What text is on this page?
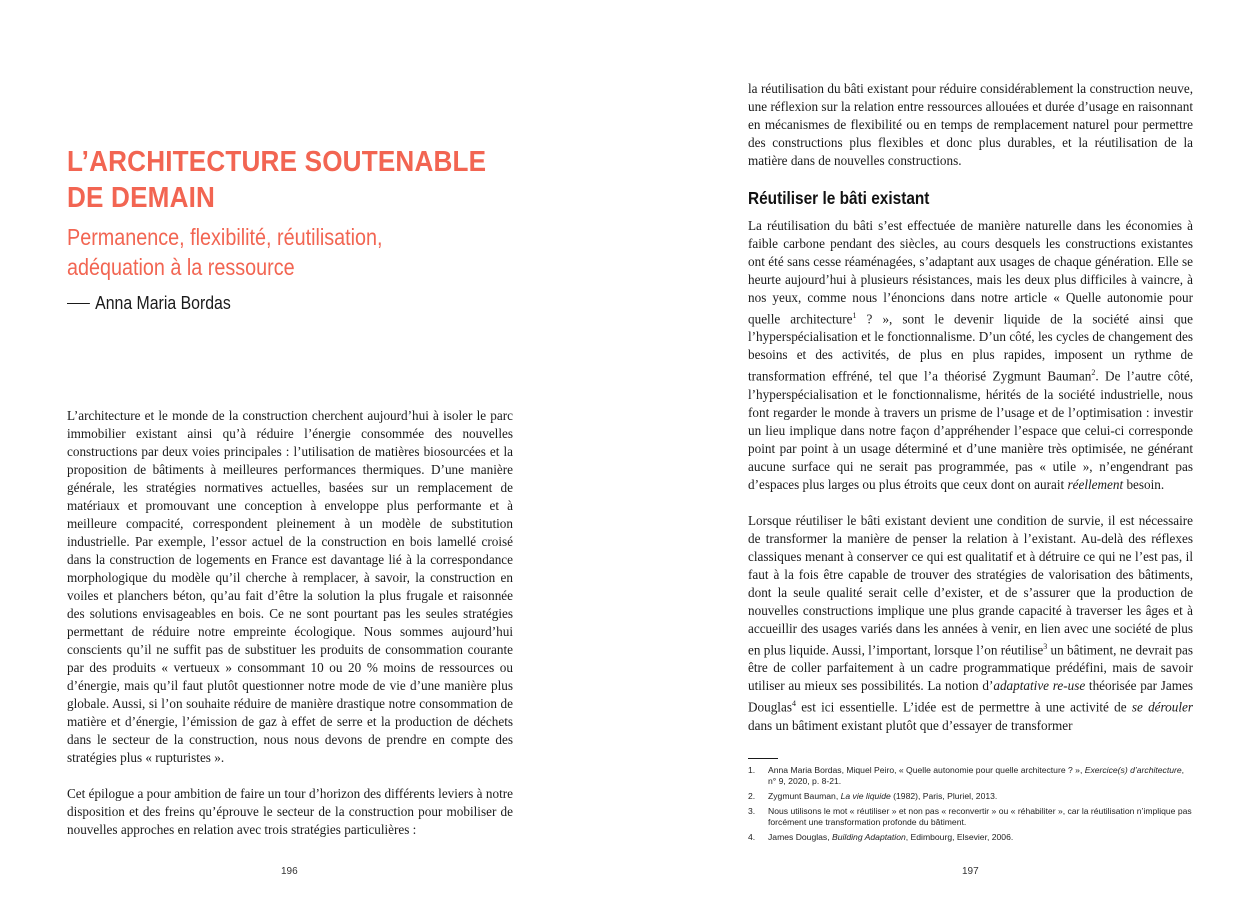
L’ARCHITECTURE SOUTENABLE
DE DEMAIN
Permanence, flexibilité, réutilisation,
adéquation à la ressource
Anna Maria Bordas

L’architecture et le monde de la construction cherchent aujourd’hui à isoler le parc immobilier existant ainsi qu’à réduire l’énergie consommée des nouvelles constructions par deux voies principales : l’utilisation de matières biosourcées et la proposition de bâtiments à meilleures performances thermiques. D’une manière générale, les stratégies normatives actuelles, basées sur un remplacement de matériaux et promouvant une conception à enveloppe plus performante et à meilleure compacité, correspondent pleinement à un modèle de substitution industrielle. Par exemple, l’essor actuel de la construction en bois lamellé croisé dans la construction de logements en France est davantage lié à la correspondance morphologique du modèle qu’il cherche à remplacer, à savoir, la construction en voiles et planchers béton, qu’au fait d’être la solution la plus frugale et raisonnée des solutions envisageables en bois. Ce ne sont pourtant pas les seules stratégies permettant de réduire notre empreinte écologique. Nous sommes aujourd’hui conscients qu’il ne suffit pas de substituer les produits de consommation courante par des produits « vertueux » consommant 10 ou 20 % moins de ressources ou d’énergie, mais qu’il faut plutôt questionner notre mode de vie d’une manière plus globale. Aussi, si l’on souhaite réduire de manière drastique notre consommation de matière et d’énergie, l’émission de gaz à effet de serre et la production de déchets dans le secteur de la construction, nous nous devons de prendre en compte des stratégies plus « rupturistes ».

Cet épilogue a pour ambition de faire un tour d’horizon des différents leviers à notre disposition et des freins qu’éprouve le secteur de la construction pour mobiliser de nouvelles approches en relation avec trois stratégies particulières :

196

la réutilisation du bâti existant pour réduire considérablement la construction neuve, une réflexion sur la relation entre ressources allouées et durée d’usage en raisonnant en mécanismes de flexibilité ou en temps de remplacement naturel pour permettre des constructions plus flexibles et donc plus durables, et la réutilisation de la matière dans de nouvelles constructions.

La réutilisation du bâti s’est effectuée de manière naturelle dans les économies à faible carbone pendant des siècles, au cours desquels les constructions existantes ont été sans cesse réaménagées, s’adaptant aux usages de chaque génération. Elle se heurte aujourd’hui à plusieurs résistances, mais les deux plus difficiles à vaincre, à nos yeux, comme nous l’énoncions dans notre article « Quelle autonomie pour quelle architecture$^1$ ? », sont le devenir liquide de la société ainsi que l’hyperspécialisation et le fonctionnalisme. D’un côté, les cycles de changement des besoins et des activités, de plus en plus rapides, imposent un rythme de transformation effréné, tel que l’a théorisé Zygmunt Bauman$^2$. De l’autre côté, l’hyperspécialisation et le fonctionnalisme, hérités de la société industrielle, nous font regarder le monde à travers un prisme de l’usage et de l’optimisation : investir un lieu implique dans notre façon d’appréhender l’espace que celui-ci corresponde point par point à un usage déterminé et d’une manière très optimisée, ne générant aucune surface qui ne serait pas programmée, pas « utile », n’engendrant pas d’espaces plus larges ou plus étroits que ceux dont on aurait réellement besoin.

Lorsque réutiliser le bâti existant devient une condition de survie, il est nécessaire de transformer la manière de penser la relation à l’existant. Au-delà des réflexes classiques menant à conserver ce qui est qualitatif et à détruire ce qui ne l’est pas, il faut à la fois être capable de trouver des stratégies de valorisation des bâtiments, dont la seule qualité serait celle d’exister, et de s’assurer que la production de nouvelles constructions implique une plus grande capacité à traverser les âges et à accueillir des usages variés dans les années à venir, en lien avec une société de plus en plus liquide. Aussi, l’important, lorsque l’on réutilise$^3$ un bâtiment, ne devrait pas être de coller parfaitement à un cadre programmatique prédéfini, mais de savoir utiliser au mieux ses possibilités. La notion d’adaptative re-use théorisée par James Douglas$^4$ est ici essentielle. L’idée est de permettre à une activité de se dérouler dans un bâtiment existant plutôt que d’essayer de transformer

Réutiliser le bâti existant
1.	Anna Maria Bordas, Miquel Peiro, « Quelle autonomie pour quelle architecture ? », Exercice(s) d’architecture, n° 9, 2020, p. 8-21.
2.	Zygmunt Bauman, La vie liquide (1982), Paris, Pluriel, 2013.
3.	Nous utilisons le mot « réutiliser » et non pas « reconvertir » ou « réhabiliter », car la réutilisation n’implique pas forcément une transformation profonde du bâtiment.
4.	James Douglas, Building Adaptation, Edimbourg, Elsevier, 2006.
197
